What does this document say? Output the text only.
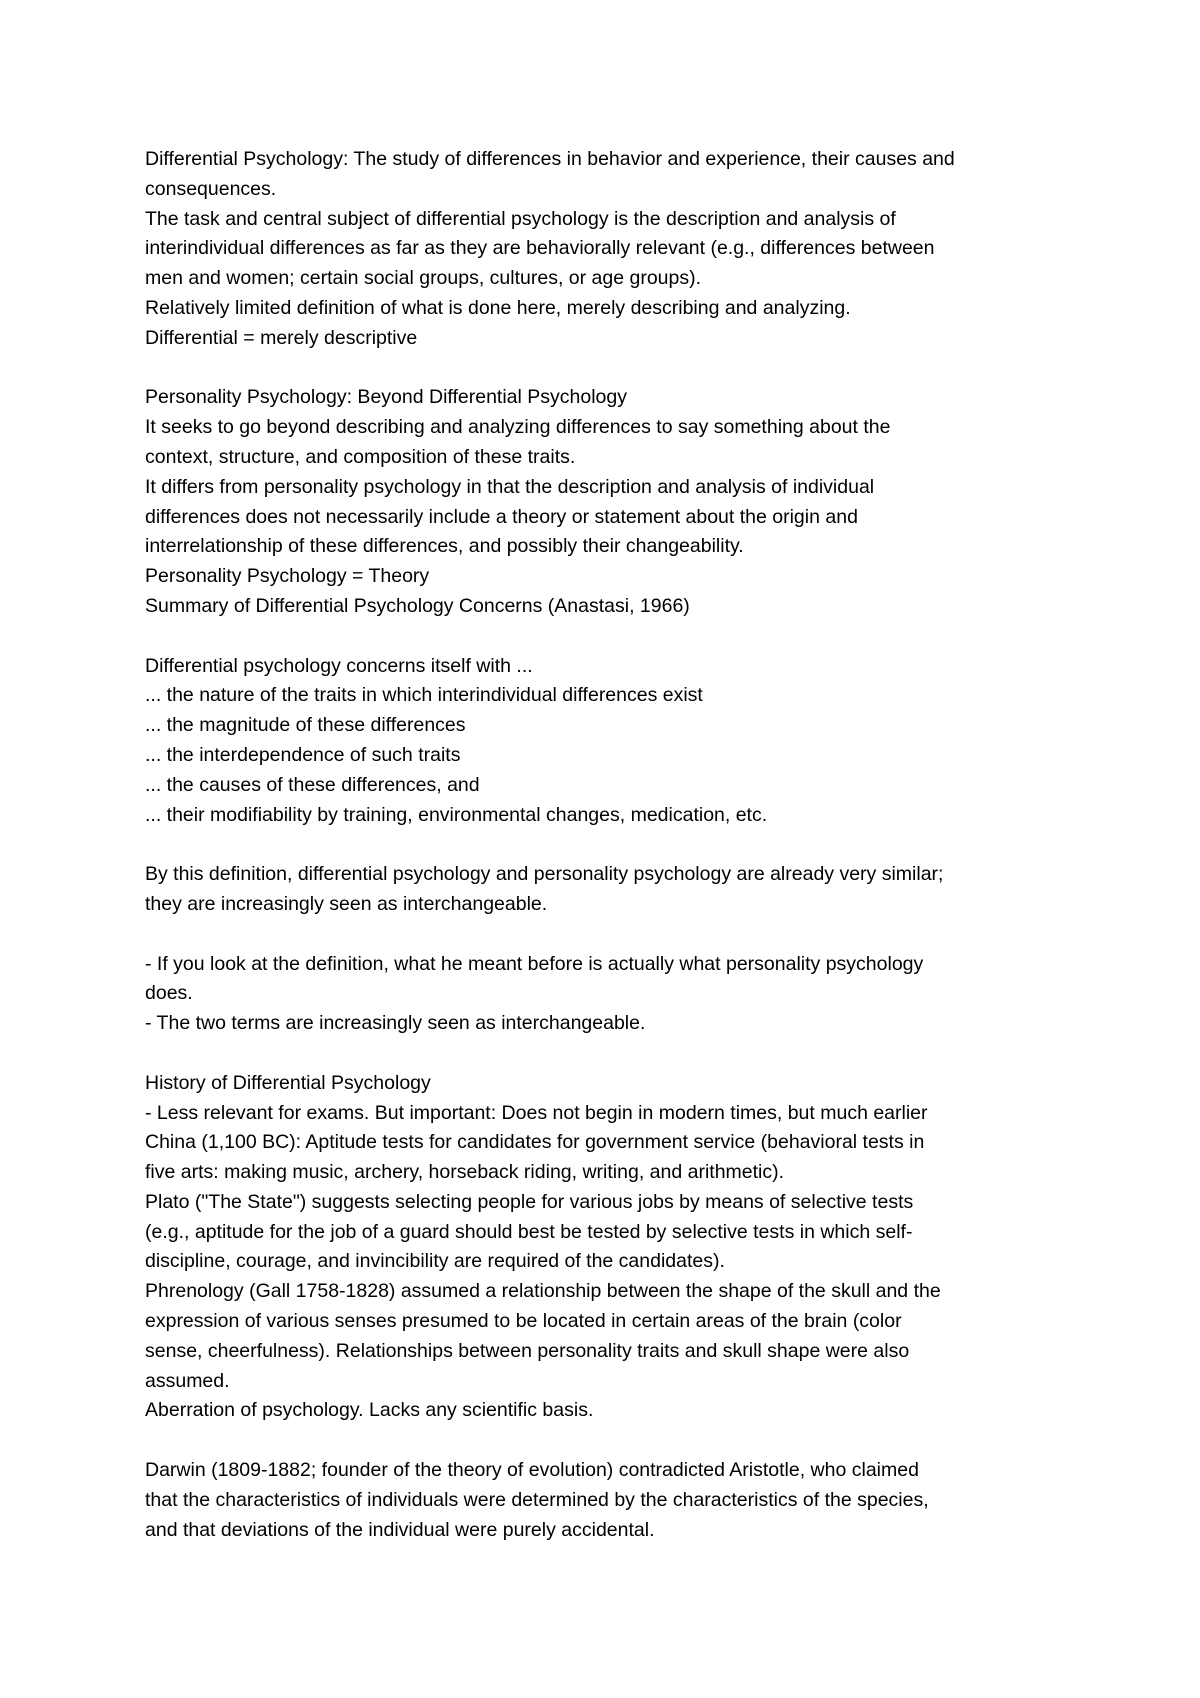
Differential Psychology: The study of differences in behavior and experience, their causes and
consequences.
The task and central subject of differential psychology is the description and analysis of
interindividual differences as far as they are behaviorally relevant (e.g., differences between
men and women; certain social groups, cultures, or age groups).
Relatively limited definition of what is done here, merely describing and analyzing.
Differential = merely descriptive
Personality Psychology: Beyond Differential Psychology
It seeks to go beyond describing and analyzing differences to say something about the
context, structure, and composition of these traits.
It differs from personality psychology in that the description and analysis of individual
differences does not necessarily include a theory or statement about the origin and
interrelationship of these differences, and possibly their changeability.
Personality Psychology = Theory
Summary of Differential Psychology Concerns (Anastasi, 1966)
Differential psychology concerns itself with ...
... the nature of the traits in which interindividual differences exist
... the magnitude of these differences
... the interdependence of such traits
... the causes of these differences, and
... their modifiability by training, environmental changes, medication, etc.
By this definition, differential psychology and personality psychology are already very similar;
they are increasingly seen as interchangeable.
- If you look at the definition, what he meant before is actually what personality psychology
does.
- The two terms are increasingly seen as interchangeable.
History of Differential Psychology
- Less relevant for exams. But important: Does not begin in modern times, but much earlier
China (1,100 BC): Aptitude tests for candidates for government service (behavioral tests in
five arts: making music, archery, horseback riding, writing, and arithmetic).
Plato ("The State") suggests selecting people for various jobs by means of selective tests
(e.g., aptitude for the job of a guard should best be tested by selective tests in which self-
discipline, courage, and invincibility are required of the candidates).
Phrenology (Gall 1758-1828) assumed a relationship between the shape of the skull and the
expression of various senses presumed to be located in certain areas of the brain (color
sense, cheerfulness). Relationships between personality traits and skull shape were also
assumed.
Aberration of psychology. Lacks any scientific basis.
Darwin (1809-1882; founder of the theory of evolution) contradicted Aristotle, who claimed
that the characteristics of individuals were determined by the characteristics of the species,
and that deviations of the individual were purely accidental.
